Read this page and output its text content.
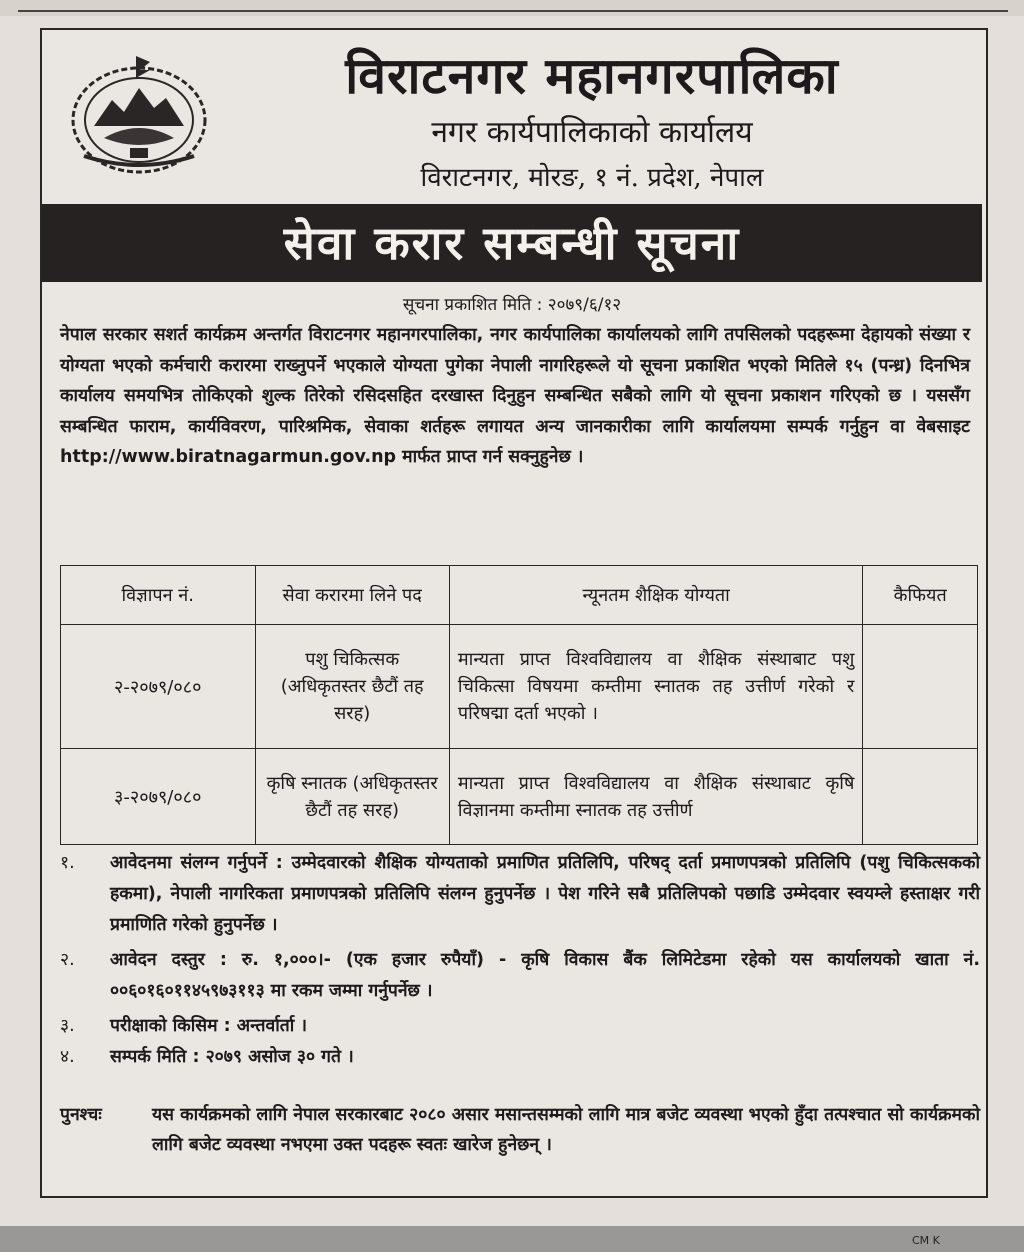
विराटनगर महानगरपालिका
नगर कार्यपालिकाको कार्यालय
विराटनगर, मोरङ, १ नं. प्रदेश, नेपाल
सेवा करार सम्बन्धी सूचना
सूचना प्रकाशित मिति : २०७९/६/१२
नेपाल सरकार सशर्त कार्यक्रम अन्तर्गत विराटनगर महानगरपालिका, नगर कार्यपालिका कार्यालयको लागि तपसिलको पदहरूमा देहायको संख्या र योग्यता भएको कर्मचारी करारमा राख्नुपर्ने भएकाले योग्यता पुगेका नेपाली नागरिहरूले यो सूचना प्रकाशित भएको मितिले १५ (पन्ध्र) दिनभित्र कार्यालय समयभित्र तोकिएको शुल्क तिरेको रसिदसहित दरखास्त दिनुहुन सम्बन्धित सबैको लागि यो सूचना प्रकाशन गरिएको छ । यससँग सम्बन्धित फाराम, कार्यविवरण, पारिश्रमिक, सेवाका शर्तहरू लगायत अन्य जानकारीका लागि कार्यालयमा सम्पर्क गर्नुहुन वा वेबसाइट http://www.biratnagarmun.gov.np मार्फत प्राप्त गर्न सक्नुहुनेछ ।
विज्ञापन नं.	सेवा करारमा लिने पद	न्यूनतम शैक्षिक योग्यता	कैफियत
२-२०७९/०८०	पशु चिकित्सक (अधिकृतस्तर छैटौं तह सरह)	मान्यता प्राप्त विश्वविद्यालय वा शैक्षिक संस्थाबाट पशु चिकित्सा विषयमा कम्तीमा स्नातक तह उत्तीर्ण गरेको र परिषद्मा दर्ता भएको ।	
३-२०७९/०८०	कृषि स्नातक (अधिकृतस्तर छैटौं तह सरह)	मान्यता प्राप्त विश्वविद्यालय वा शैक्षिक संस्थाबाट कृषि विज्ञानमा कम्तीमा स्नातक तह उत्तीर्ण	
१.	आवेदनमा संलग्न गर्नुपर्ने : उम्मेदवारको शैक्षिक योग्यताको प्रमाणित प्रतिलिपि, परिषद् दर्ता प्रमाणपत्रको प्रतिलिपि (पशु चिकित्सकको हकमा), नेपाली नागरिकता प्रमाणपत्रको प्रतिलिपि संलग्न हुनुपर्नेछ । पेश गरिने सबै प्रतिलिपको पछाडि उम्मेदवार स्वयम्ले हस्ताक्षर गरी प्रमाणिति गरेको हुनुपर्नेछ ।
२.	आवेदन दस्तुर : रु. १,०००।- (एक हजार रुपैयाँ) - कृषि विकास बैंक लिमिटेडमा रहेको यस कार्यालयको खाता नं. ००६०१६०११४५९७३११३ मा रकम जम्मा गर्नुपर्नेछ ।
३.	परीक्षाको किसिम : अन्तर्वार्ता ।
४.	सम्पर्क मिति : २०७९ असोज ३० गते ।
पुनश्चः	यस कार्यक्रमको लागि नेपाल सरकारबाट २०८० असार मसान्तसम्मको लागि मात्र बजेट व्यवस्था भएको हुँदा तत्पश्चात सो कार्यक्रमको लागि बजेट व्यवस्था नभएमा उक्त पदहरू स्वतः खारेज हुनेछन् ।
CM K
